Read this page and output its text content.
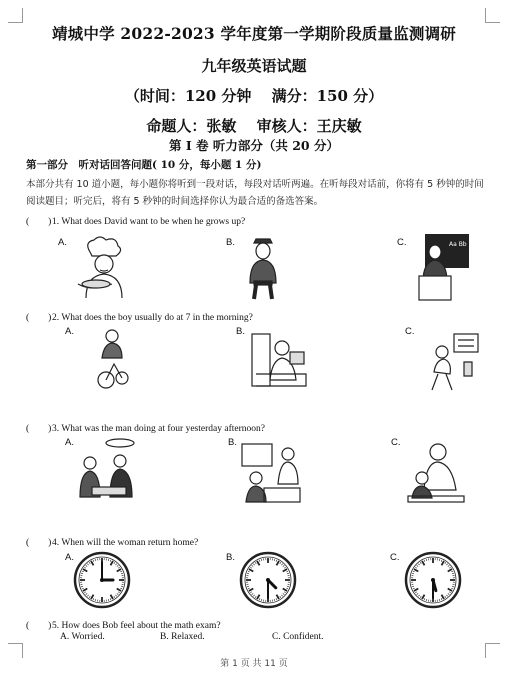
靖城中学 2022-2023 学年度第一学期阶段质量监测调研
九年级英语试题
（时间：120 分钟　 满分：150 分）
命题人：张敏　 审核人：王庆敏
第 I 卷 听力部分（共 20 分）
第一部分　听对话回答问题( 10 分，每小题 1 分)
本部分共有 10 道小题，每小题你将听到一段对话，每段对话听两遍。在听每段对话前，你将有 5 秒钟的时间阅读题目；听完后，将有 5 秒钟的时间选择你认为最合适的备选答案。
(　　)1. What does David want to be when he grows up?
A.	B.	C.	Aa Bb
(　　)2. What does the boy usually do at 7 in the morning?
A.	B.	C.
(　　)3. What was the man doing at four yesterday afternoon?
A.	B.	C.
(　　)4. When will the woman return home?
A.	B.	C.
(　　)5. How does Bob feel about the math exam?
A. Worried.	B. Relaxed.	C. Confident.
第 1 页 共 11 页
